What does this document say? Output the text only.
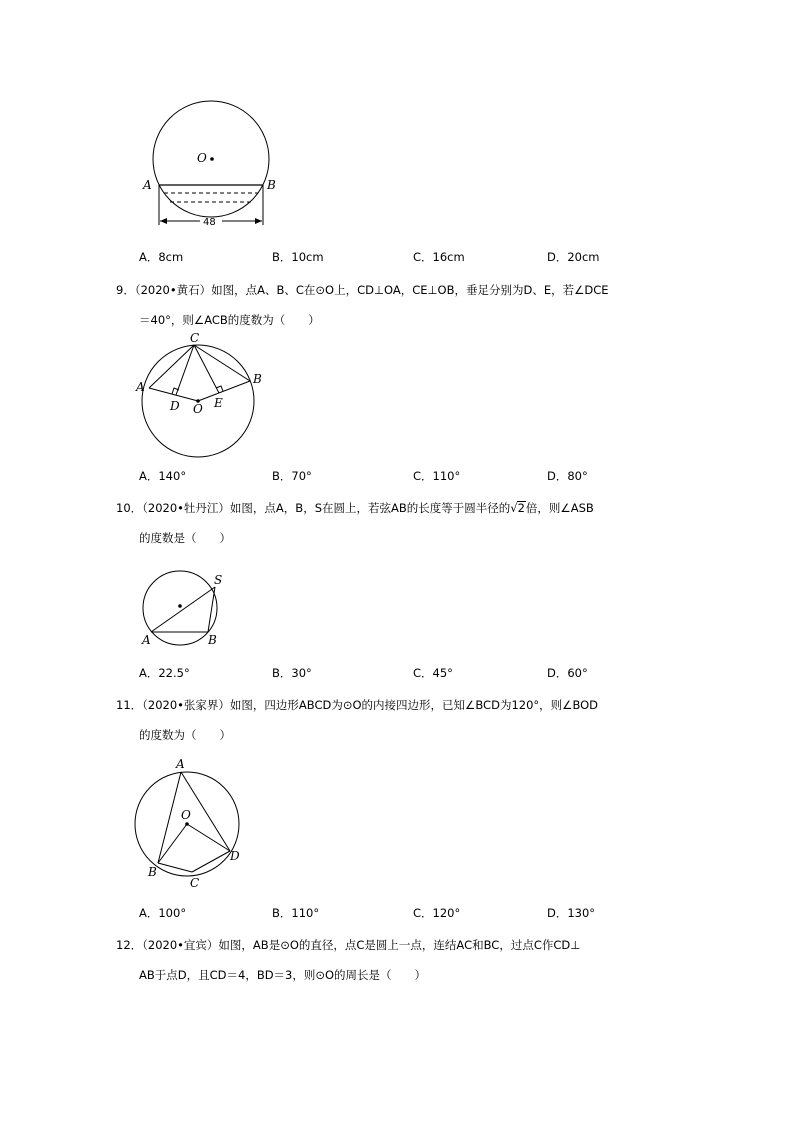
O
A	B
48
A．8cm	B．10cm	C．16cm	D．20cm
9．（2020•黄石）如图，点A、B、C在⊙O上，CD⊥OA，CE⊥OB，垂足分别为D、E，若∠DCE
＝40°，则∠ACB的度数为（　　）
C
A
B
D O E
A．140°	B．70°	C．110°	D．80°
10．（2020•牡丹江）如图，点A，B，S在圆上，若弦AB的长度等于圆半径的√2倍，则∠ASB
的度数是（　　）
S
A	B
A．22.5°	B．30°	C．45°	D．60°
11．（2020•张家界）如图，四边形ABCD为⊙O的内接四边形，已知∠BCD为120°，则∠BOD
的度数为（　　）
A
O
B
C
D
A．100°	B．110°	C．120°	D．130°
12．（2020•宜宾）如图，AB是⊙O的直径，点C是圆上一点，连结AC和BC，过点C作CD⊥
AB于点D，且CD＝4，BD＝3，则⊙O的周长是（　　）
